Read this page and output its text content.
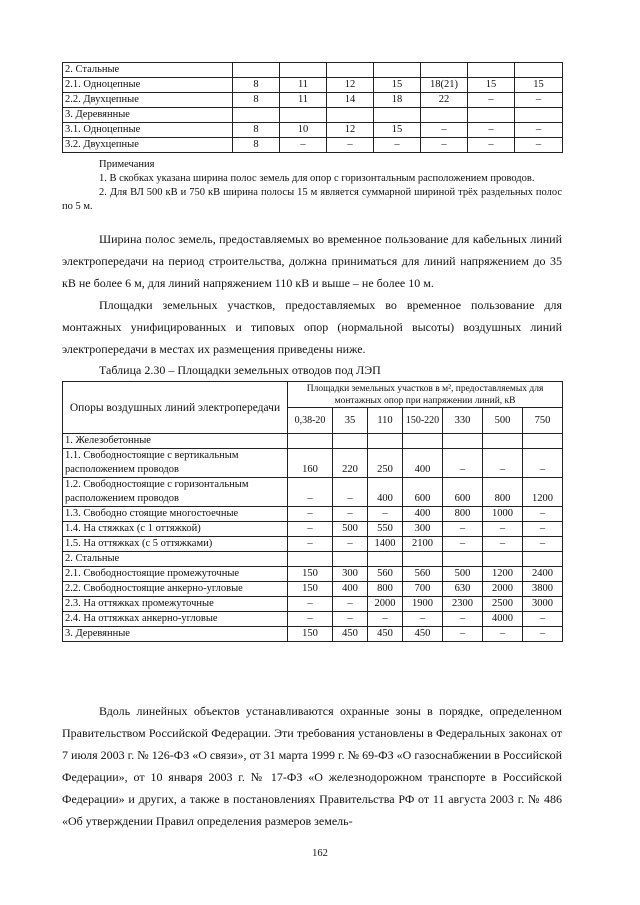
2. Стальные							
2.1. Одноцепные	8	11	12	15	18(21)	15	15
2.2. Двухцепные	8	11	14	18	22	–	–
3. Деревянные							
3.1. Одноцепные	8	10	12	15	–	–	–
3.2. Двухцепные	8	–	–	–	–	–	–

Примечания

1. В скобках указана ширина полос земель для опор с горизонтальным расположением проводов.

2. Для ВЛ 500 кВ и 750 кВ ширина полосы 15 м является суммарной шириной трёх раздельных полос по 5 м.

Ширина полос земель, предоставляемых во временное пользование для кабельных линий электропередачи на период строительства, должна приниматься для линий напряжением до 35 кВ не более 6 м, для линий напряжением 110 кВ и выше – не более 10 м.

Площадки земельных участков, предоставляемых во временное пользование для монтажных унифицированных и типовых опор (нормальной высоты) воздушных линий электропередачи в местах их размещения приведены ниже.

Таблица 2.30 – Площадки земельных отводов под ЛЭП

Опоры воздушных линий электропередачи	Площадки земельных участков в м², предоставляемых для монтажных опор при напряжении линий, кВ						
	0,38-20	35	110	150-220	330	500	750
1. Железобетонные							
1.1. Свободностоящие с вертикальным расположением проводов	160	220	250	400	–	–	–
1.2. Свободностоящие с горизонтальным расположением проводов	–	–	400	600	600	800	1200
1.3. Свободно стоящие многостоечные	–	–	–	400	800	1000	–
1.4. На стяжках (с 1 оттяжкой)	–	500	550	300	–	–	–
1.5. На оттяжках (с 5 оттяжками)	–	–	1400	2100	–	–	–
2. Стальные							
2.1. Свободностоящие промежуточные	150	300	560	560	500	1200	2400
2.2. Свободностоящие анкерно-угловые	150	400	800	700	630	2000	3800
2.3. На оттяжках промежуточные	–	–	2000	1900	2300	2500	3000
2.4. На оттяжках анкерно-угловые	–	–	–	–	–	4000	–
3. Деревянные	150	450	450	450	–	–	–

Вдоль линейных объектов устанавливаются охранные зоны в порядке, определенном Правительством Российской Федерации. Эти требования установлены в Федеральных законах от 7 июля 2003 г. № 126-ФЗ «О связи», от 31 марта 1999 г. № 69-ФЗ «О газоснабжении в Российской Федерации», от 10 января 2003 г. № 17-ФЗ «О железнодорожном транспорте в Российской Федерации» и других, а также в постановлениях Правительства РФ от 11 августа 2003 г. № 486 «Об утверждении Правил определения размеров земель-

162
